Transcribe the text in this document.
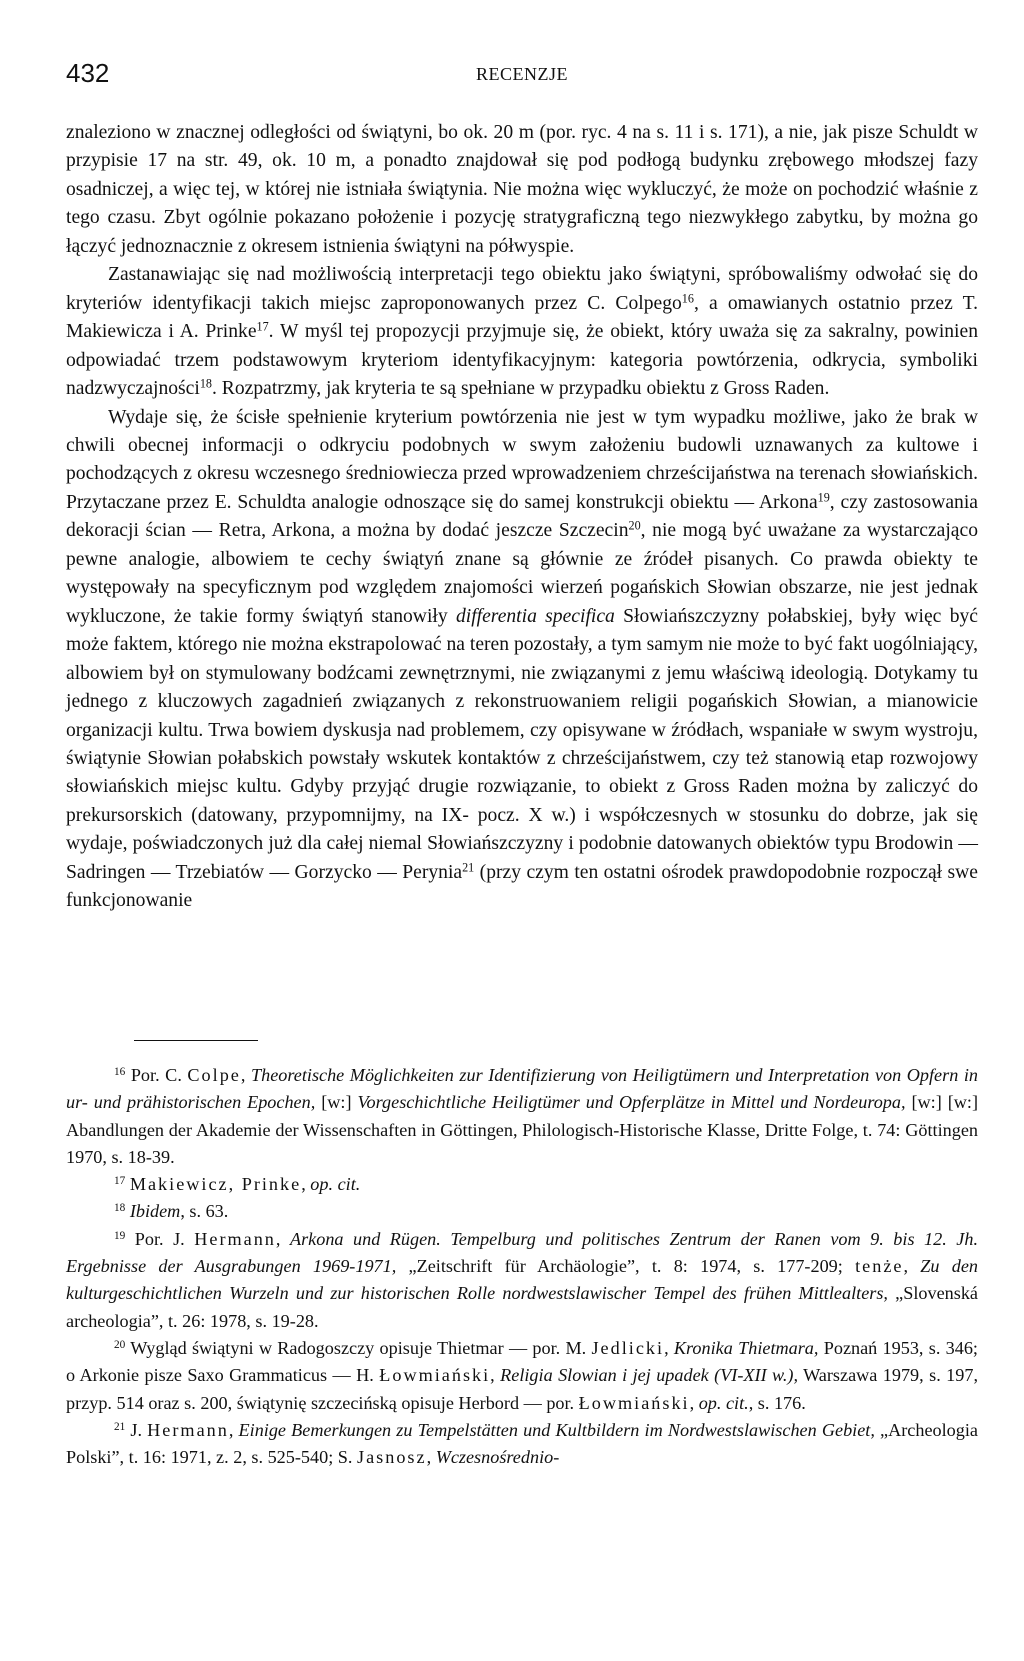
432	RECENZJE

znaleziono w znacznej odległości od świątyni, bo ok. 20 m (por. ryc. 4 na s. 11 i s. 171), a nie, jak pisze Schuldt w przypisie 17 na str. 49, ok. 10 m, a ponadto znajdował się pod podłogą budynku zrębowego młodszej fazy osadniczej, a więc tej, w której nie istniała świątynia. Nie można więc wykluczyć, że może on pochodzić właśnie z tego czasu. Zbyt ogólnie pokazano położenie i pozycję stratygraficzną tego niezwykłego zabytku, by można go łączyć jednoznacznie z okresem istnienia świątyni na półwyspie.

Zastanawiając się nad możliwością interpretacji tego obiektu jako świątyni, spróbowaliśmy odwołać się do kryteriów identyfikacji takich miejsc zaproponowanych przez C. Colpego$^{16}$, a omawianych ostatnio przez T. Makiewicza i A. Prinke$^{17}$. W myśl tej propozycji przyjmuje się, że obiekt, który uważa się za sakralny, powinien odpowiadać trzem podstawowym kryteriom identyfikacyjnym: kategoria powtórzenia, odkrycia, symboliki nadzwyczajności$^{18}$. Rozpatrzmy, jak kryteria te są spełniane w przypadku obiektu z Gross Raden.

Wydaje się, że ścisłe spełnienie kryterium powtórzenia nie jest w tym wypadku możliwe, jako że brak w chwili obecnej informacji o odkryciu podobnych w swym założeniu budowli uznawanych za kultowe i pochodzących z okresu wczesnego średniowiecza przed wprowadzeniem chrześcijaństwa na terenach słowiańskich. Przytaczane przez E. Schuldta analogie odnoszące się do samej konstrukcji obiektu — Arkona$^{19}$, czy zastosowania dekoracji ścian — Retra, Arkona, a można by dodać jeszcze Szczecin$^{20}$, nie mogą być uważane za wystarczająco pewne analogie, albowiem te cechy świątyń znane są głównie ze źródeł pisanych. Co prawda obiekty te występowały na specyficznym pod względem znajomości wierzeń pogańskich Słowian obszarze, nie jest jednak wykluczone, że takie formy świątyń stanowiły differentia specifica Słowiańszczyzny połabskiej, były więc być może faktem, którego nie można ekstrapolować na teren pozostały, a tym samym nie może to być fakt uogólniający, albowiem był on stymulowany bodźcami zewnętrznymi, nie związanymi z jemu właściwą ideologią. Dotykamy tu jednego z kluczowych zagadnień związanych z rekonstruowaniem religii pogańskich Słowian, a mianowicie organizacji kultu. Trwa bowiem dyskusja nad problemem, czy opisywane w źródłach, wspaniałe w swym wystroju, świątynie Słowian połabskich powstały wskutek kontaktów z chrześcijaństwem, czy też stanowią etap rozwojowy słowiańskich miejsc kultu. Gdyby przyjąć drugie rozwiązanie, to obiekt z Gross Raden można by zaliczyć do prekursorskich (datowany, przypomnijmy, na IX- pocz. X w.) i współczesnych w stosunku do dobrze, jak się wydaje, poświadczonych już dla całej niemal Słowiańszczyzny i podobnie datowanych obiektów typu Brodowin — Sadringen — Trzebiatów — Gorzycko — Perynia$^{21}$ (przy czym ten ostatni ośrodek prawdopodobnie rozpoczął swe funkcjonowanie

$^{16}$ Por. C. Colpe, Theoretische Möglichkeiten zur Identifizierung von Heiligtümern und Interpretation von Opfern in ur- und prähistorischen Epochen, [w:] Vorgeschichtliche Heiligtümer und Opferplätze in Mittel und Nordeuropa, [w:] [w:] Abandlungen der Akademie der Wissenschaften in Göttingen, Philologisch-Historische Klasse, Dritte Folge, t. 74: Göttingen 1970, s. 18-39.

$^{17}$ Makiewicz, Prinke, op. cit.

$^{18}$ Ibidem, s. 63.

$^{19}$ Por. J. Hermann, Arkona und Rügen. Tempelburg und politisches Zentrum der Ranen vom 9. bis 12. Jh. Ergebnisse der Ausgrabungen 1969-1971, „Zeitschrift für Archäologie”, t. 8: 1974, s. 177-209; tenże, Zu den kulturgeschichtlichen Wurzeln und zur historischen Rolle nordwestslawischer Tempel des frühen Mittlealters, „Slovenská archeologia”, t. 26: 1978, s. 19-28.

$^{20}$ Wygląd świątyni w Radogoszczy opisuje Thietmar — por. M. Jedlicki, Kronika Thietmara, Poznań 1953, s. 346; o Arkonie pisze Saxo Grammaticus — H. Łowmiański, Religia Slowian i jej upadek (VI-XII w.), Warszawa 1979, s. 197, przyp. 514 oraz s. 200, świątynię szczecińską opisuje Herbord — por. Łowmiański, op. cit., s. 176.

$^{21}$ J. Hermann, Einige Bemerkungen zu Tempelstätten und Kultbildern im Nordwestslawischen Gebiet, „Archeologia Polski”, t. 16: 1971, z. 2, s. 525-540; S. Jasnosz, Wczesnośrednio-
